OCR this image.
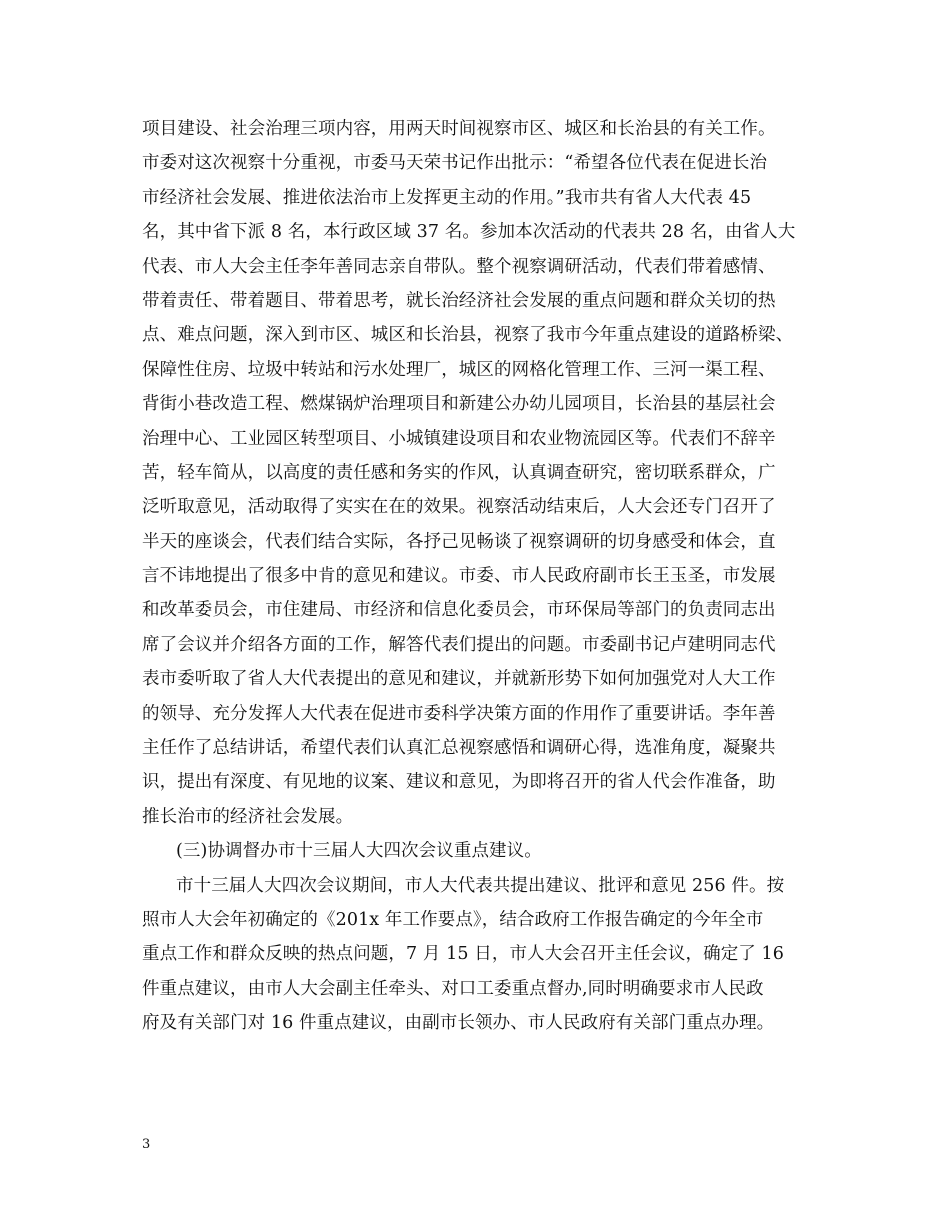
项目建设、社会治理三项内容，用两天时间视察市区、城区和长治县的有关工作。
市委对这次视察十分重视，市委马天荣书记作出批示：“希望各位代表在促进长治
市经济社会发展、推进依法治市上发挥更主动的作用。”我市共有省人大代表 45
名，其中省下派 8 名，本行政区域 37 名。参加本次活动的代表共 28 名，由省人大
代表、市人大会主任李年善同志亲自带队。整个视察调研活动，代表们带着感情、
带着责任、带着题目、带着思考，就长治经济社会发展的重点问题和群众关切的热
点、难点问题，深入到市区、城区和长治县，视察了我市今年重点建设的道路桥梁、
保障性住房、垃圾中转站和污水处理厂，城区的网格化管理工作、三河一渠工程、
背街小巷改造工程、燃煤锅炉治理项目和新建公办幼儿园项目，长治县的基层社会
治理中心、工业园区转型项目、小城镇建设项目和农业物流园区等。代表们不辞辛
苦，轻车简从，以高度的责任感和务实的作风，认真调查研究，密切联系群众，广
泛听取意见，活动取得了实实在在的效果。视察活动结束后，人大会还专门召开了
半天的座谈会，代表们结合实际，各抒己见畅谈了视察调研的切身感受和体会，直
言不讳地提出了很多中肯的意见和建议。市委、市人民政府副市长王玉圣，市发展
和改革委员会，市住建局、市经济和信息化委员会，市环保局等部门的负责同志出
席了会议并介绍各方面的工作，解答代表们提出的问题。市委副书记卢建明同志代
表市委听取了省人大代表提出的意见和建议，并就新形势下如何加强党对人大工作
的领导、充分发挥人大代表在促进市委科学决策方面的作用作了重要讲话。李年善
主任作了总结讲话，希望代表们认真汇总视察感悟和调研心得，选准角度，凝聚共
识，提出有深度、有见地的议案、建议和意见，为即将召开的省人代会作准备，助
推长治市的经济社会发展。
(三)协调督办市十三届人大四次会议重点建议。
市十三届人大四次会议期间，市人大代表共提出建议、批评和意见 256 件。按
照市人大会年初确定的《201x 年工作要点》，结合政府工作报告确定的今年全市
重点工作和群众反映的热点问题，7 月 15 日，市人大会召开主任会议，确定了 16
件重点建议，由市人大会副主任牵头、对口工委重点督办,同时明确要求市人民政
府及有关部门对 16 件重点建议，由副市长领办、市人民政府有关部门重点办理。
3
